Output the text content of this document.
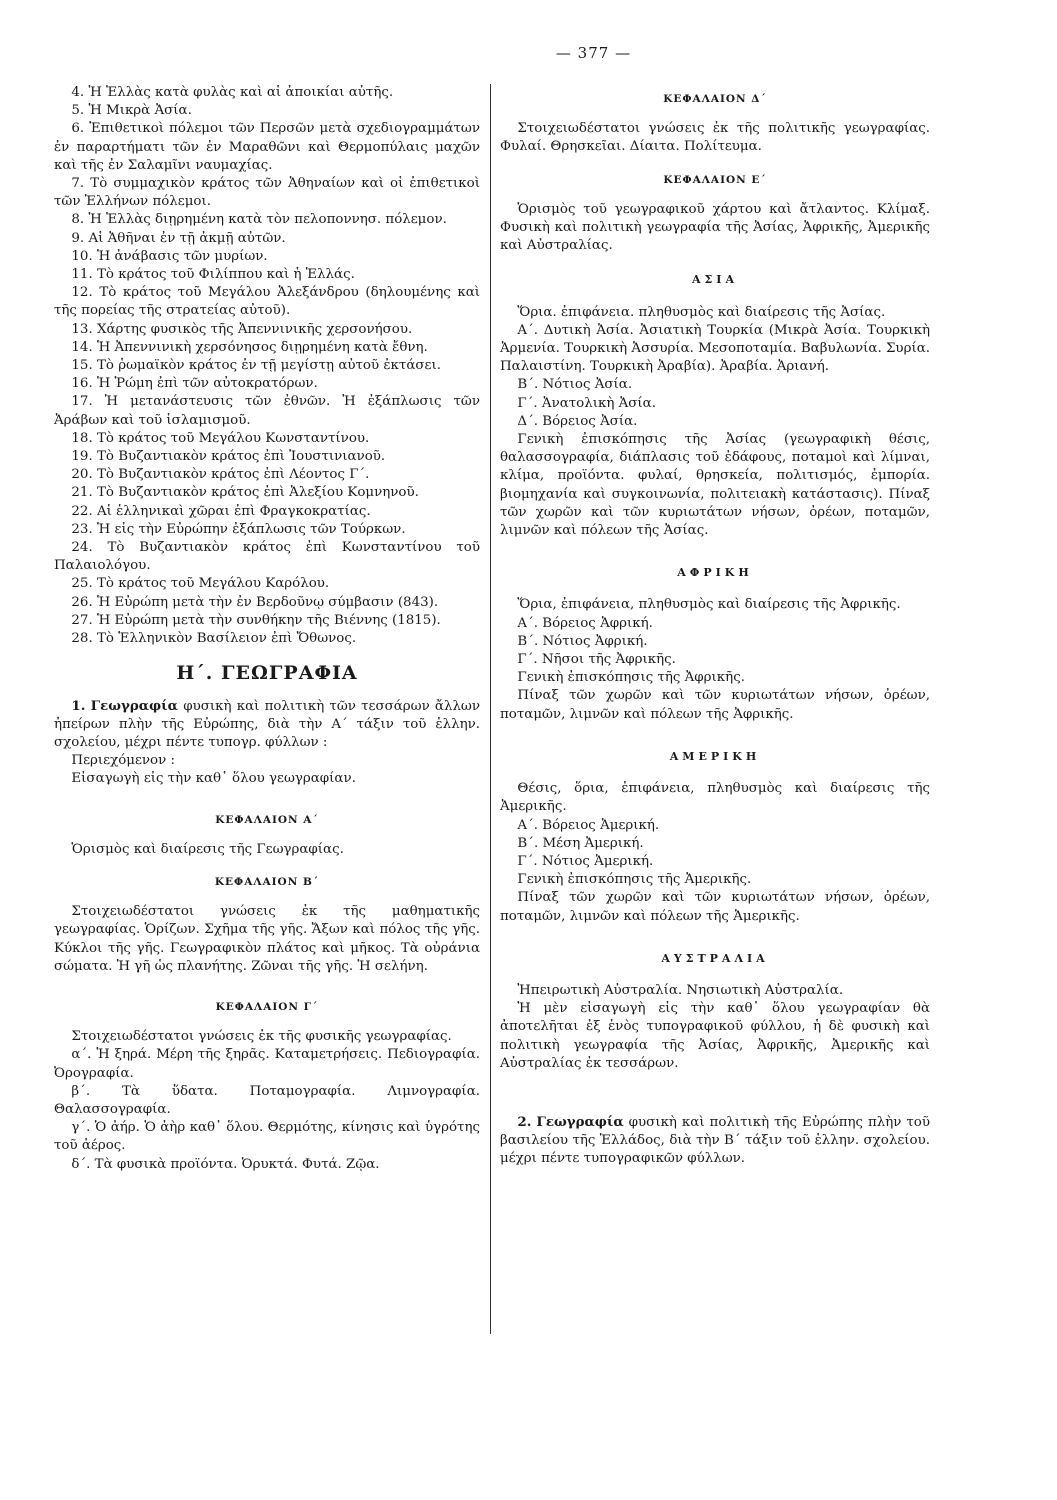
— 377 —

4. Ἡ Ἑλλὰς κατὰ φυλὰς καὶ αἱ ἀποικίαι αὐτῆς.

5. Ἡ Μικρὰ Ἀσία.

6. Ἐπιθετικοὶ πόλεμοι τῶν Περσῶν μετὰ σχεδιογραμμάτων ἐν παραρτήματι τῶν ἐν Μαραθῶνι καὶ Θερμοπύλαις μαχῶν καὶ τῆς ἐν Σαλαμῖνι ναυμαχίας.

7. Τὸ συμμαχικὸν κράτος τῶν Ἀθηναίων καὶ οἱ ἐπιθετικοὶ τῶν Ἑλλήνων πόλεμοι.

8. Ἡ Ἑλλὰς διῃρημένη κατὰ τὸν πελοποννησ. πόλεμον.

9. Αἱ Ἀθῆναι ἐν τῇ ἀκμῇ αὐτῶν.

10. Ἡ ἀνάβασις τῶν μυρίων.

11. Τὸ κράτος τοῦ Φιλίππου καὶ ἡ Ἑλλάς.

12. Τὸ κράτος τοῦ Μεγάλου Ἀλεξάνδρου (δηλουμένης καὶ τῆς πορείας τῆς στρατείας αὐτοῦ).

13. Χάρτης φυσικὸς τῆς Ἀπεννινικῆς χερσονήσου.

14. Ἡ Ἀπεννινικὴ χερσόνησος διῃρημένη κατὰ ἔθνη.

15. Τὸ ῥωμαϊκὸν κράτος ἐν τῇ μεγίστῃ αὐτοῦ ἐκτάσει.

16. Ἡ Ῥώμη ἐπὶ τῶν αὐτοκρατόρων.

17. Ἡ μετανάστευσις τῶν ἐθνῶν. Ἡ ἐξάπλωσις τῶν Ἀράβων καὶ τοῦ ἰσλαμισμοῦ.

18. Τὸ κράτος τοῦ Μεγάλου Κωνσταντίνου.

19. Τὸ Βυζαντιακὸν κράτος ἐπὶ Ἰουστινιανοῦ.

20. Τὸ Βυζαντιακὸν κράτος ἐπὶ Λέοντος Γ΄.

21. Τὸ Βυζαντιακὸν κράτος ἐπὶ Ἀλεξίου Κομνηνοῦ.

22. Αἱ ἑλληνικαὶ χῶραι ἐπὶ Φραγκοκρατίας.

23. Ἡ εἰς τὴν Εὐρώπην ἐξάπλωσις τῶν Τούρκων.

24. Τὸ Βυζαντιακὸν κράτος ἐπὶ Κωνσταντίνου τοῦ Παλαιολόγου.

25. Τὸ κράτος τοῦ Μεγάλου Καρόλου.

26. Ἡ Εὐρώπη μετὰ τὴν ἐν Βερδοῦνῳ σύμβασιν (843).

27. Ἡ Εὐρώπη μετὰ τὴν συνθήκην τῆς Βιέννης (1815).

28. Τὸ Ἑλληνικὸν Βασίλειον ἐπὶ Ὄθωνος.

Η΄. ΓΕΩΓΡΑΦΙΑ

1. Γεωγραφία φυσικὴ καὶ πολιτικὴ τῶν τεσσάρων ἄλλων ἠπείρων πλὴν τῆς Εὐρώπης, διὰ τὴν Α΄ τάξιν τοῦ ἑλλην. σχολείου, μέχρι πέντε τυπογρ. φύλλων :

Περιεχόμενον :

Εἰσαγωγὴ εἰς τὴν καθ᾽ ὅλου γεωγραφίαν.

ΚΕΦΑΛΑΙΟΝ Α΄

Ὁρισμὸς καὶ διαίρεσις τῆς Γεωγραφίας.

ΚΕΦΑΛΑΙΟΝ Β΄

Στοιχειωδέστατοι γνώσεις ἐκ τῆς μαθηματικῆς γεωγραφίας. Ὁρίζων. Σχῆμα τῆς γῆς. Ἄξων καὶ πόλος τῆς γῆς. Κύκλοι τῆς γῆς. Γεωγραφικὸν πλάτος καὶ μῆκος. Τὰ οὐράνια σώματα. Ἡ γῆ ὡς πλανήτης. Ζῶναι τῆς γῆς. Ἡ σελήνη.

ΚΕΦΑΛΑΙΟΝ Γ΄

Στοιχειωδέστατοι γνώσεις ἐκ τῆς φυσικῆς γεωγραφίας.

α΄. Ἡ ξηρά. Μέρη τῆς ξηρᾶς. Καταμετρήσεις. Πεδιογραφία. Ὀρογραφία.

β΄. Τὰ ὕδατα. Ποταμογραφία. Λιμνογραφία. Θαλασσογραφία.

γ΄. Ὁ ἀήρ. Ὁ ἀὴρ καθ᾽ ὅλου. Θερμότης, κίνησις καὶ ὑγρότης τοῦ ἀέρος.

δ΄. Τὰ φυσικὰ προϊόντα. Ὀρυκτά. Φυτά. Ζῷα.

ΚΕΦΑΛΑΙΟΝ Δ΄

Στοιχειωδέστατοι γνώσεις ἐκ τῆς πολιτικῆς γεωγραφίας. Φυλαί. Θρησκεῖαι. Δίαιτα. Πολίτευμα.

ΚΕΦΑΛΑΙΟΝ Ε΄

Ὁρισμὸς τοῦ γεωγραφικοῦ χάρτου καὶ ἄτλαντος. Κλίμαξ. Φυσικὴ καὶ πολιτικὴ γεωγραφία τῆς Ἀσίας, Ἀφρικῆς, Ἀμερικῆς καὶ Αὐστραλίας.

ΑΣΙΑ

Ὅρια. ἐπιφάνεια. πληθυσμὸς καὶ διαίρεσις τῆς Ἀσίας.

Α΄. Δυτικὴ Ἀσία. Ἀσιατικὴ Τουρκία (Μικρὰ Ἀσία. Τουρκικὴ Ἀρμενία. Τουρκικὴ Ἀσσυρία. Μεσοποταμία. Βαβυλωνία. Συρία. Παλαιστίνη. Τουρκικὴ Ἀραβία). Ἀραβία. Ἀριανή.

Β΄. Νότιος Ἀσία.

Γ΄. Ἀνατολικὴ Ἀσία.

Δ΄. Βόρειος Ἀσία.

Γενικὴ ἐπισκόπησις τῆς Ἀσίας (γεωγραφικὴ θέσις, θαλασσογραφία, διάπλασις τοῦ ἐδάφους, ποταμοὶ καὶ λίμναι, κλίμα, προϊόντα. φυλαί, θρησκεία, πολιτισμός, ἐμπορία. βιομηχανία καὶ συγκοινωνία, πολιτειακὴ κατάστασις). Πίναξ τῶν χωρῶν καὶ τῶν κυριωτάτων νήσων, ὀρέων, ποταμῶν, λιμνῶν καὶ πόλεων τῆς Ἀσίας.

ΑΦΡΙΚΗ

Ὅρια, ἐπιφάνεια, πληθυσμὸς καὶ διαίρεσις τῆς Ἀφρικῆς.

Α΄. Βόρειος Ἀφρική.

Β΄. Νότιος Ἀφρική.

Γ΄. Νῆσοι τῆς Ἀφρικῆς.

Γενικὴ ἐπισκόπησις τῆς Ἀφρικῆς.

Πίναξ τῶν χωρῶν καὶ τῶν κυριωτάτων νήσων, ὀρέων, ποταμῶν, λιμνῶν καὶ πόλεων τῆς Ἀφρικῆς.

ΑΜΕΡΙΚΗ

Θέσις, ὅρια, ἐπιφάνεια, πληθυσμὸς καὶ διαίρεσις τῆς Ἀμερικῆς.

Α΄. Βόρειος Ἀμερική.

Β΄. Μέση Ἀμερική.

Γ΄. Νότιος Ἀμερική.

Γενικὴ ἐπισκόπησις τῆς Ἀμερικῆς.

Πίναξ τῶν χωρῶν καὶ τῶν κυριωτάτων νήσων, ὀρέων, ποταμῶν, λιμνῶν καὶ πόλεων τῆς Ἀμερικῆς.

ΑΥΣΤΡΑΛΙΑ

Ἠπειρωτικὴ Αὐστραλία. Νησιωτικὴ Αὐστραλία.

Ἡ μὲν εἰσαγωγὴ εἰς τὴν καθ᾽ ὅλου γεωγραφίαν θὰ ἀποτελῆται ἐξ ἑνὸς τυπογραφικοῦ φύλλου, ἡ δὲ φυσικὴ καὶ πολιτικὴ γεωγραφία τῆς Ἀσίας, Ἀφρικῆς, Ἀμερικῆς καὶ Αὐστραλίας ἐκ τεσσάρων.

2. Γεωγραφία φυσικὴ καὶ πολιτικὴ τῆς Εὐρώπης πλὴν τοῦ βασιλείου τῆς Ἑλλάδος, διὰ τὴν Β΄ τάξιν τοῦ ἑλλην. σχολείου. μέχρι πέντε τυπογραφικῶν φύλλων.
